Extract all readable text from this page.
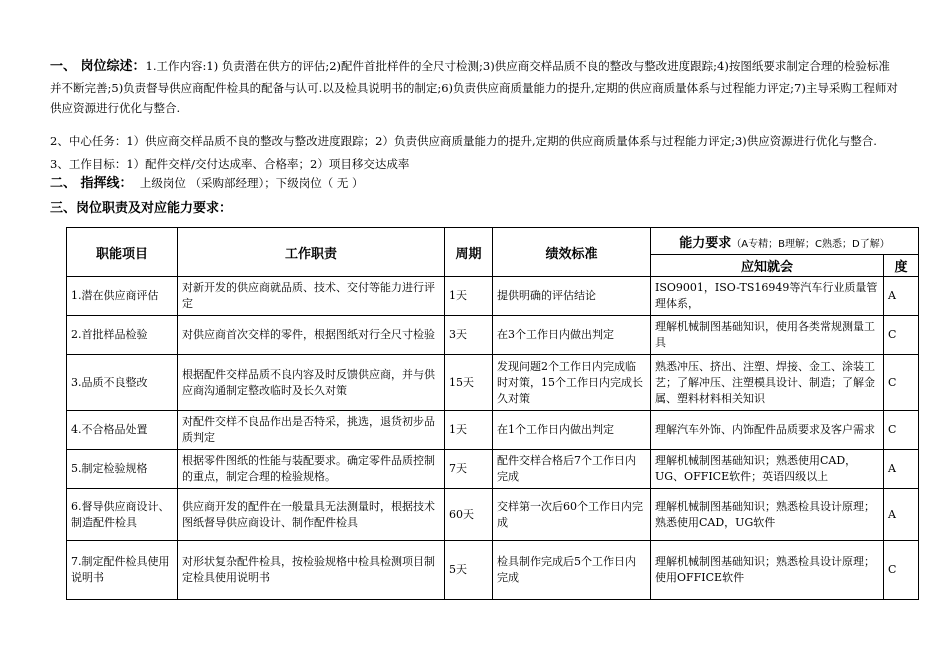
一、 岗位综述：1.工作内容:1) 负责潜在供方的评估;2)配件首批样件的全尺寸检测;3)供应商交样品质不良的整改与整改进度跟踪;4)按图纸要求制定合理的检验标准并不断完善;5)负责督导供应商配件检具的配备与认可.以及检具说明书的制定;6)负责供应商质量能力的提升,定期的供应商质量体系与过程能力评定;7)主导采购工程师对供应资源进行优化与整合.
2、中心任务：1）供应商交样品质不良的整改与整改进度跟踪；2）负责供应商质量能力的提升,定期的供应商质量体系与过程能力评定;3)供应资源进行优化与整合.
3、工作目标：1）配件交样/交付达成率、合格率；2）项目移交达成率
二、 指挥线： 上级岗位 （采购部经理）；下级岗位（ 无 ）
三、岗位职责及对应能力要求：
职能项目	工作职责	周期	绩效标准	能力要求（A专精；B理解；C熟悉；D了解）	
				应知就会	度
1.潜在供应商评估	对新开发的供应商就品质、技术、交付等能力进行评定	1天	提供明确的评估结论	ISO9001，ISO-TS16949等汽车行业质量管理体系，	A
2.首批样品检验	对供应商首次交样的零件，根据图纸对行全尺寸检验	3天	在3个工作日内做出判定	理解机械制图基础知识，使用各类常规测量工具	C
3.品质不良整改	根据配件交样品质不良内容及时反馈供应商，并与供应商沟通制定整改临时及长久对策	15天	发现问题2个工作日内完成临时对策，15个工作日内完成长久对策	熟悉冲压、挤出、注塑、焊接、金工、涂装工艺；了解冲压、注塑模具设计、制造；了解金属、塑料材料相关知识	C
4.不合格品处置	对配件交样不良品作出是否特采，挑选，退货初步品质判定	1天	在1个工作日内做出判定	理解汽车外饰、内饰配件品质要求及客户需求	C
5.制定检验规格	根据零件图纸的性能与装配要求。确定零件品质控制的重点，制定合理的检验规格。	7天	配件交样合格后7个工作日内完成	理解机械制图基础知识；熟悉使用CAD，UG、OFFICE软件；英语四级以上	A
6.督导供应商设计、制造配件检具	供应商开发的配件在一般量具无法测量时，根据技术图纸督导供应商设计、制作配件检具	60天	交样第一次后60个工作日内完成	理解机械制图基础知识；熟悉检具设计原理；熟悉使用CAD，UG软件	A
7.制定配件检具使用说明书	对形状复杂配件检具，按检验规格中检具检测项目制定检具使用说明书	5天	检具制作完成后5个工作日内完成	理解机械制图基础知识；熟悉检具设计原理；使用OFFICE软件	C
